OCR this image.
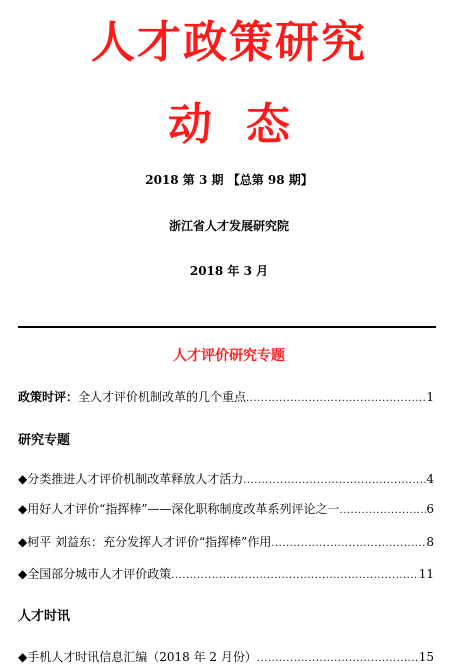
人才政策研究
动态
2018 第 3 期 【总第 98 期】
浙江省人才发展研究院
2018 年 3 月
人才评价研究专题
政策时评： 全人才评价机制改革的几个重点 .....	1
研究专题
◆分类推进人才评价机制改革释放人才活力 .....	4
◆用好人才评价“指挥棒”——深化职称制度改革系列评论之一 .....	6
◆柯平 刘益东：充分发挥人才评价“指挥棒”作用 .....	8
◆全国部分城市人才评价政策 .....	11
人才时讯
◆手机人才时讯信息汇编（2018 年 2 月份） .....	15
